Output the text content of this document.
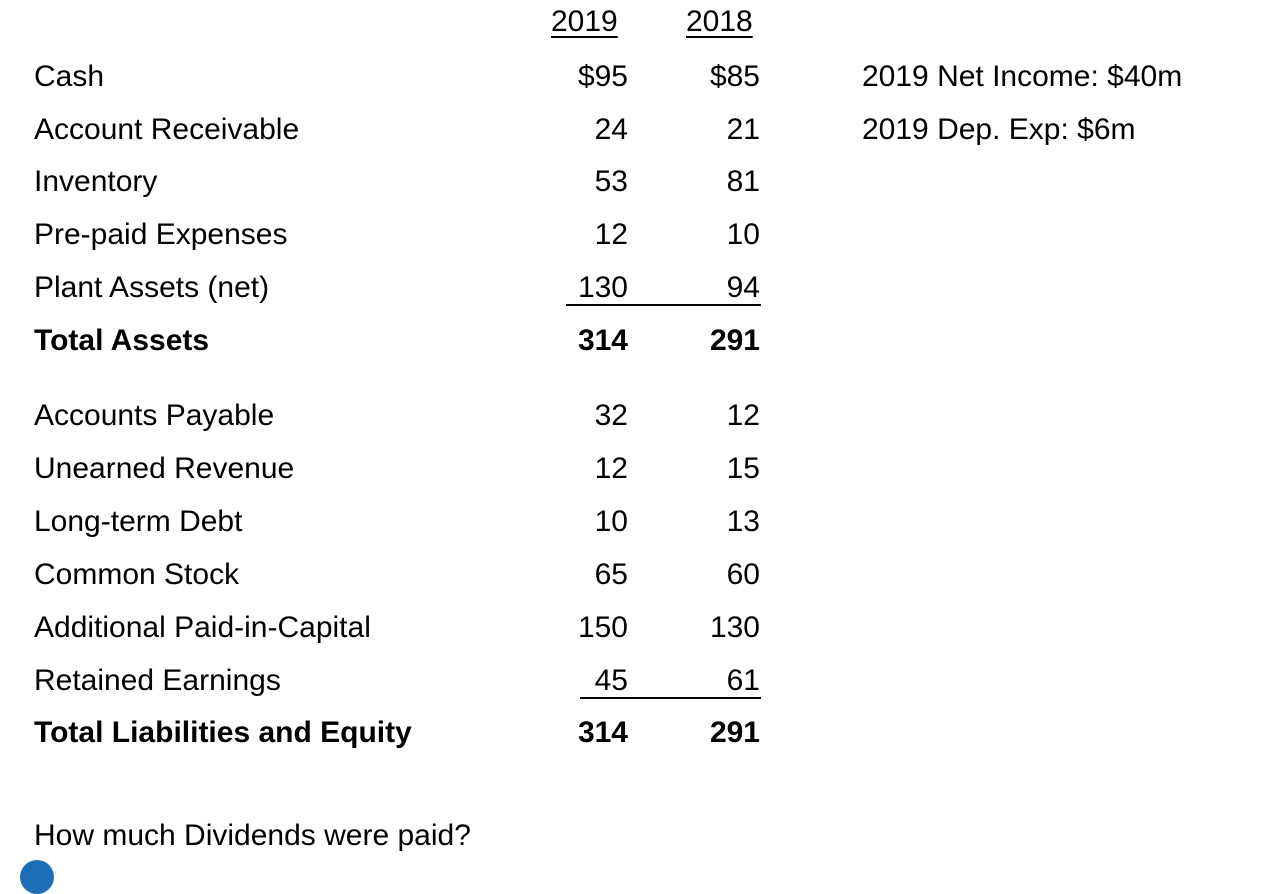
2019 2018
Cash	$95	$85
Account Receivable	24	21
Inventory	53	81
Pre-paid Expenses	12	10
Plant Assets (net)	130	94
Total Assets	314	291
Accounts Payable	32	12
Unearned Revenue	12	15
Long-term Debt	10	13
Common Stock	65	60
Additional Paid-in-Capital	150	130
Retained Earnings	45	61
Total Liabilities and Equity	314	291
2019 Net Income: $40m
2019 Dep. Exp: $6m
How much Dividends were paid?
